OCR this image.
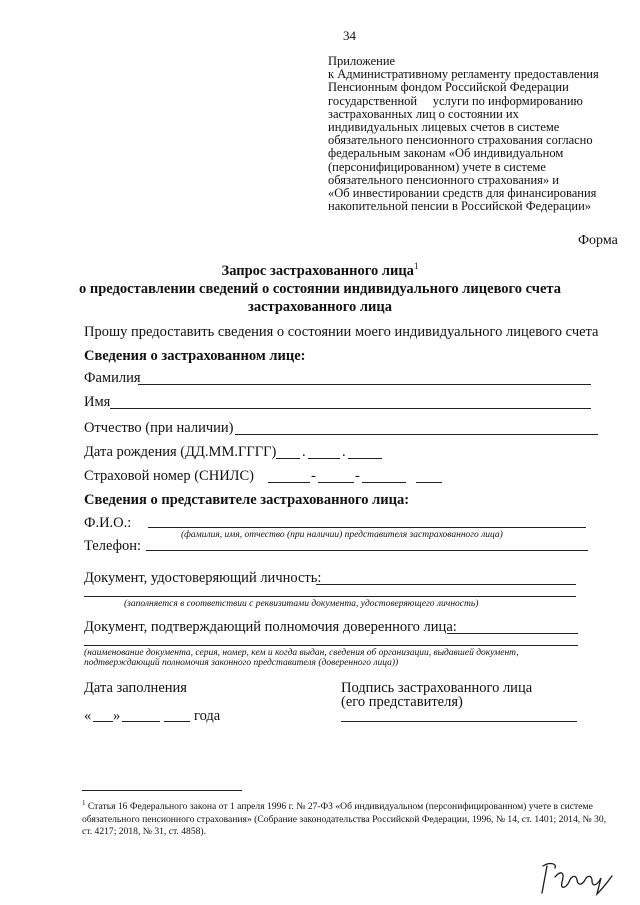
34
Приложение
к Административному регламенту предоставления
Пенсионным фондом Российской Федерации
государственной     услуги по информированию
застрахованных лиц о состоянии их
индивидуальных лицевых счетов в системе
обязательного пенсионного страхования согласно
федеральным законам «Об индивидуальном
(персонифицированном) учете в системе
обязательного пенсионного страхования» и
«Об инвестировании средств для финансирования
накопительной пенсии в Российской Федерации»
Форма
Запрос застрахованного лица$^1$
о предоставлении сведений о состоянии индивидуального лицевого счета
застрахованного лица
Прошу предоставить сведения о состоянии моего индивидуального лицевого счета
Сведения о застрахованном лице:
Фамилия
Имя
Отчество (при наличии)
Дата рождения (ДД.ММ.ГГГГ) .	.
Страховой номер (СНИЛС)	-	-
Сведения о представителе застрахованного лица:
Ф.И.О.:
(фамилия, имя, отчество (при наличии) представителя застрахованного лица)
Телефон:
Документ, удостоверяющий личность:
(заполняется в соответствии с реквизитами документа, удостоверяющего личность)
Документ, подтверждающий полномочия доверенного лица:
(наименование документа, серия, номер, кем и когда выдан, сведения об организации, выдавшей документ,
подтверждающий полномочия законного представителя (доверенного лица))
Дата заполнения
« »	года
Подпись застрахованного лица
(его представителя)
$^1$ Статья 16 Федерального закона от 1 апреля 1996 г. № 27-ФЗ «Об индивидуальном (персонифицированном) учете в системе обязательного пенсионного страхования» (Собрание законодательства Российской Федерации, 1996, № 14, ст. 1401; 2014, № 30, ст. 4217; 2018, № 31, ст. 4858).
